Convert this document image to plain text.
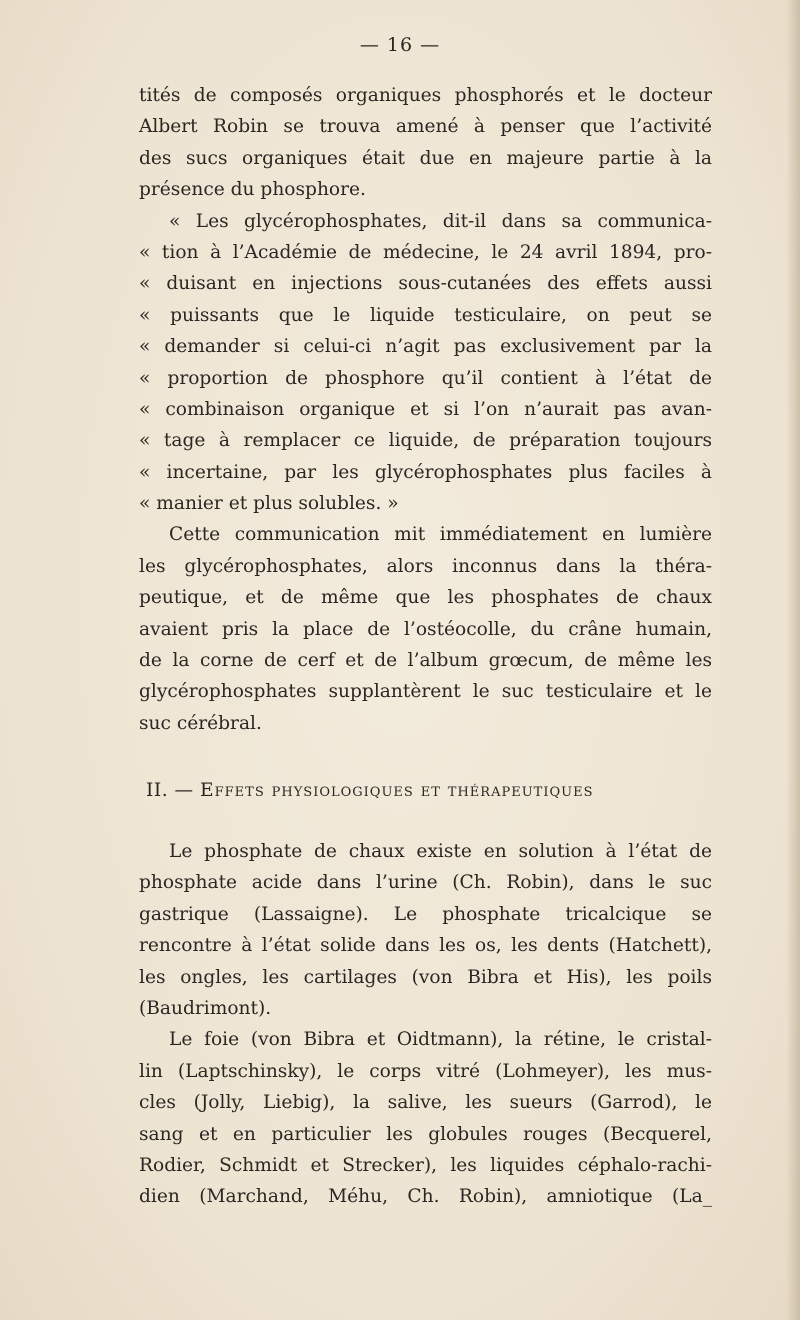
— 16 —
tités de composés organiques phosphorés et le docteur
Albert Robin se trouva amené à penser que l’activité
des sucs organiques était due en majeure partie à la
présence du phosphore.
« Les glycérophosphates, dit-il dans sa communica-
« tion à l’Académie de médecine, le 24 avril 1894, pro-
« duisant en injections sous-cutanées des effets aussi
« puissants que le liquide testiculaire, on peut se
« demander si celui-ci n’agit pas exclusivement par la
« proportion de phosphore qu’il contient à l’état de
« combinaison organique et si l’on n’aurait pas avan-
« tage à remplacer ce liquide, de préparation toujours
« incertaine, par les glycérophosphates plus faciles à
« manier et plus solubles. »
Cette communication mit immédiatement en lumière
les glycérophosphates, alors inconnus dans la théra-
peutique, et de même que les phosphates de chaux
avaient pris la place de l’ostéocolle, du crâne humain,
de la corne de cerf et de l’album grœcum, de même les
glycérophosphates supplantèrent le suc testiculaire et le
suc cérébral.
II. — Effets physiologiques et thérapeutiques
Le phosphate de chaux existe en solution à l’état de
phosphate acide dans l’urine (Ch. Robin), dans le suc
gastrique (Lassaigne). Le phosphate tricalcique se
rencontre à l’état solide dans les os, les dents (Hatchett),
les ongles, les cartilages (von Bibra et His), les poils
(Baudrimont).
Le foie (von Bibra et Oidtmann), la rétine, le cristal-
lin (Laptschinsky), le corps vitré (Lohmeyer), les mus-
cles (Jolly, Liebig), la salive, les sueurs (Garrod), le
sang et en particulier les globules rouges (Becquerel,
Rodier, Schmidt et Strecker), les liquides céphalo-rachi-
dien (Marchand, Méhu, Ch. Robin), amniotique (La_
